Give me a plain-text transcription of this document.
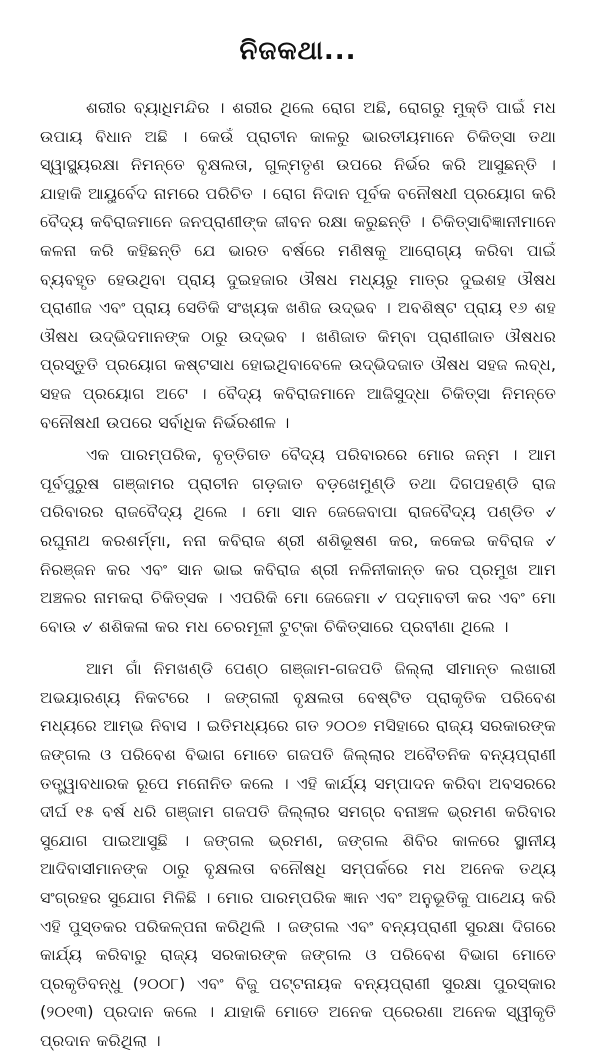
ନିଜକଥା...

ଶରୀର ବ୍ୟାଧିମନ୍ଦିର । ଶରୀର ଥିଲେ ରୋଗ ଅଛି, ରୋଗରୁ ମୁକ୍ତି ପାଇଁ ମଧ ଉପାୟ ବିଧାନ ଅଛି । କେଉଁ ପ୍ରାଚୀନ କାଳରୁ ଭାରତୀୟମାନେ ଚିକିତ୍ସା ତଥା ସ୍ୱାସ୍ଥ୍ୟରକ୍ଷା ନିମନ୍ତେ ବୃକ୍ଷଲତା, ଗୁଳ୍ମତୃଣ ଉପରେ ନିର୍ଭର କରି ଆସୁଛନ୍ତି । ଯାହାକି ଆୟୁର୍ବେଦ ନାମରେ ପରିଚିତ । ରୋଗ ନିଦାନ ପୂର୍ବକ ବନୌଷଧୀ ପ୍ରୟୋଗ କରି ବୈଦ୍ୟ କବିରାଜମାନେ ଜନପ୍ରାଣୀଙ୍କ ଜୀବନ ରକ୍ଷା କରୁଛନ୍ତି । ଚିକିତ୍ସାବିଜ୍ଞାନୀମାନେ କଳନା କରି କହିଛନ୍ତି ଯେ ଭାରତ ବର୍ଷରେ ମଣିଷକୁ ଆରୋଗ୍ୟ କରିବା ପାଇଁ ବ୍ୟବହୃତ ହେଉଥିବା ପ୍ରାୟ ଦୁଇହଜାର ଔଷଧ ମଧ୍ୟରୁ ମାତ୍ର ଦୁଇଶହ ଔଷଧ ପ୍ରାଣୀଜ ଏବଂ ପ୍ରାୟ ସେତିକି ସଂଖ୍ୟକ ଖଣିଜ ଉଦ୍ଭବ । ଅବଶିଷ୍ଟ ପ୍ରାୟ ୧୬ ଶହ ଔଷଧ ଉଦ୍ଭିଦମାନଙ୍କ ଠାରୁ ଉଦ୍ଭବ । ଖଣିଜାତ କିମ୍ବା ପ୍ରାଣୀଜାତ ଔଷଧର ପ୍ରସ୍ତୁତି ପ୍ରୟୋଗ କଷ୍ଟସାଧ ହୋଇଥିବାବେଳେ ଉଦ୍ଭିଦଜାତ ଔଷଧ ସହଜ ଲବ୍ଧ, ସହଜ ପ୍ରୟୋଗ ଅଟେ । ବୈଦ୍ୟ କବିରାଜମାନେ ଆଜିସୁଦ୍ଧା ଚିକିତ୍ସା ନିମନ୍ତେ ବନୌଷଧୀ ଉପରେ ସର୍ବାଧିକ ନିର୍ଭରଶୀଳ ।

ଏକ ପାରମ୍ପରିକ, ବୃତ୍ତିଗତ ବୈଦ୍ୟ ପରିବାରରେ ମୋର ଜନ୍ମ । ଆମ ପୂର୍ବପୁରୁଷ ଗଞ୍ଜାମର ପ୍ରାଚୀନ ଗଡ଼ଜାତ ବଡ଼ଖେମୁଣ୍ଡି ତଥା ଦିଗପହଣ୍ଡି ରାଜ ପରିବାରର ରାଜବୈଦ୍ୟ ଥିଲେ । ମୋ ସାନ ଜେଜେବାପା ରାଜବୈଦ୍ୟ ପଣ୍ଡିତ ୰ ରଘୁନାଥ କରଶର୍ମ୍ମା, ନନା କବିରାଜ ଶ୍ରୀ ଶଶିଭୂଷଣ କର, କକେଇ କବିରାଜ ୰ ନିରଞ୍ଜନ କର ଏବଂ ସାନ ଭାଇ କବିରାଜ ଶ୍ରୀ ନଳିନୀକାନ୍ତ କର ପ୍ରମୁଖ ଆମ ଅଞ୍ଚଳର ନାମକରା ଚିକିତ୍ସକ । ଏପରିକି ମୋ ଜେଜେମା ୰ ପଦ୍ମାବତୀ କର ଏବଂ ମୋ ବୋଉ ୰ ଶଶିକଳା କର ମଧ ଚେରମୂଳୀ ଟୁଟ୍‌କା ଚିକିତ୍ସାରେ ପ୍ରବୀଣା ଥିଲେ ।

ଆମ ଗାଁ ନିମଖଣ୍ଡି ପେଣ୍ଠ ଗଞ୍ଜାମ-ଗଜପତି ଜିଲ୍ଲା ସୀମାନ୍ତ ଲଖାରୀ ଅଭୟାରଣ୍ୟ ନିକଟରେ । ଜଙ୍ଗଲୀ ବୃକ୍ଷଲତା ବେଷ୍ଟିତ ପ୍ରାକୃତିକ ପରିବେଶ ମଧ୍ୟରେ ଆମ୍ଭ ନିବାସ । ଇତିମଧ୍ୟରେ ଗତ ୨୦୦୭ ମସିହାରେ ରାଜ୍ୟ ସରକାରଙ୍କ ଜଙ୍ଗଲ ଓ ପରିବେଶ ବିଭାଗ ମୋତେ ଗଜପତି ଜିଲ୍ଲାର ଅବୈତନିକ ବନ୍ୟପ୍ରାଣୀ ତତ୍ତ୍ୱାବଧାରକ ରୂପେ ମନୋନିତ କଲେ । ଏହି କାର୍ଯ୍ୟ ସମ୍ପାଦନ କରିବା ଅବସରରେ ଦୀର୍ଘ ୧୫ ବର୍ଷ ଧରି ଗଞ୍ଜାମ ଗଜପତି ଜିଲ୍ଲାର ସମଗ୍ର ବନାଞ୍ଚଳ ଭ୍ରମଣ କରିବାର ସୁଯୋଗ ପାଇଆସୁଛି । ଜଙ୍ଗଲ ଭ୍ରମଣ, ଜଙ୍ଗଲ ଶିବିର କାଳରେ ସ୍ଥାନୀୟ ଆଦିବାସୀମାନଙ୍କ ଠାରୁ ବୃକ୍ଷଲତା ବନୌଷଧି ସମ୍ପର୍କରେ ମଧ ଅନେକ ତଥ୍ୟ ସଂଗ୍ରହର ସୁଯୋଗ ମିଳିଛି । ମୋର ପାରମ୍ପରିକ ଜ୍ଞାନ ଏବଂ ଅନୁଭୂତିକୁ ପାଥେୟ କରି ଏହି ପୁସ୍ତକର ପରିକଳ୍ପନା କରିଥିଲି । ଜଙ୍ଗଲ ଏବଂ ବନ୍ୟପ୍ରାଣୀ ସୁରକ୍ଷା ଦିଗରେ କାର୍ଯ୍ୟ କରିବାରୁ ରାଜ୍ୟ ସରକାରଙ୍କ ଜଙ୍ଗଲ ଓ ପରିବେଶ ବିଭାଗ ମୋତେ ପ୍ରକୃତିବନ୍ଧୁ (୨୦୦୮) ଏବଂ ବିଜୁ ପଟ୍ଟନାୟକ ବନ୍ୟପ୍ରାଣୀ ସୁରକ୍ଷା ପୁରସ୍କାର (୨୦୧୩) ପ୍ରଦାନ କଲେ । ଯାହାକି ମୋତେ ଅନେକ ପ୍ରେରଣା ଅନେକ ସ୍ୱୀକୃତି ପ୍ରଦାନ କରିଥିଲା ।
